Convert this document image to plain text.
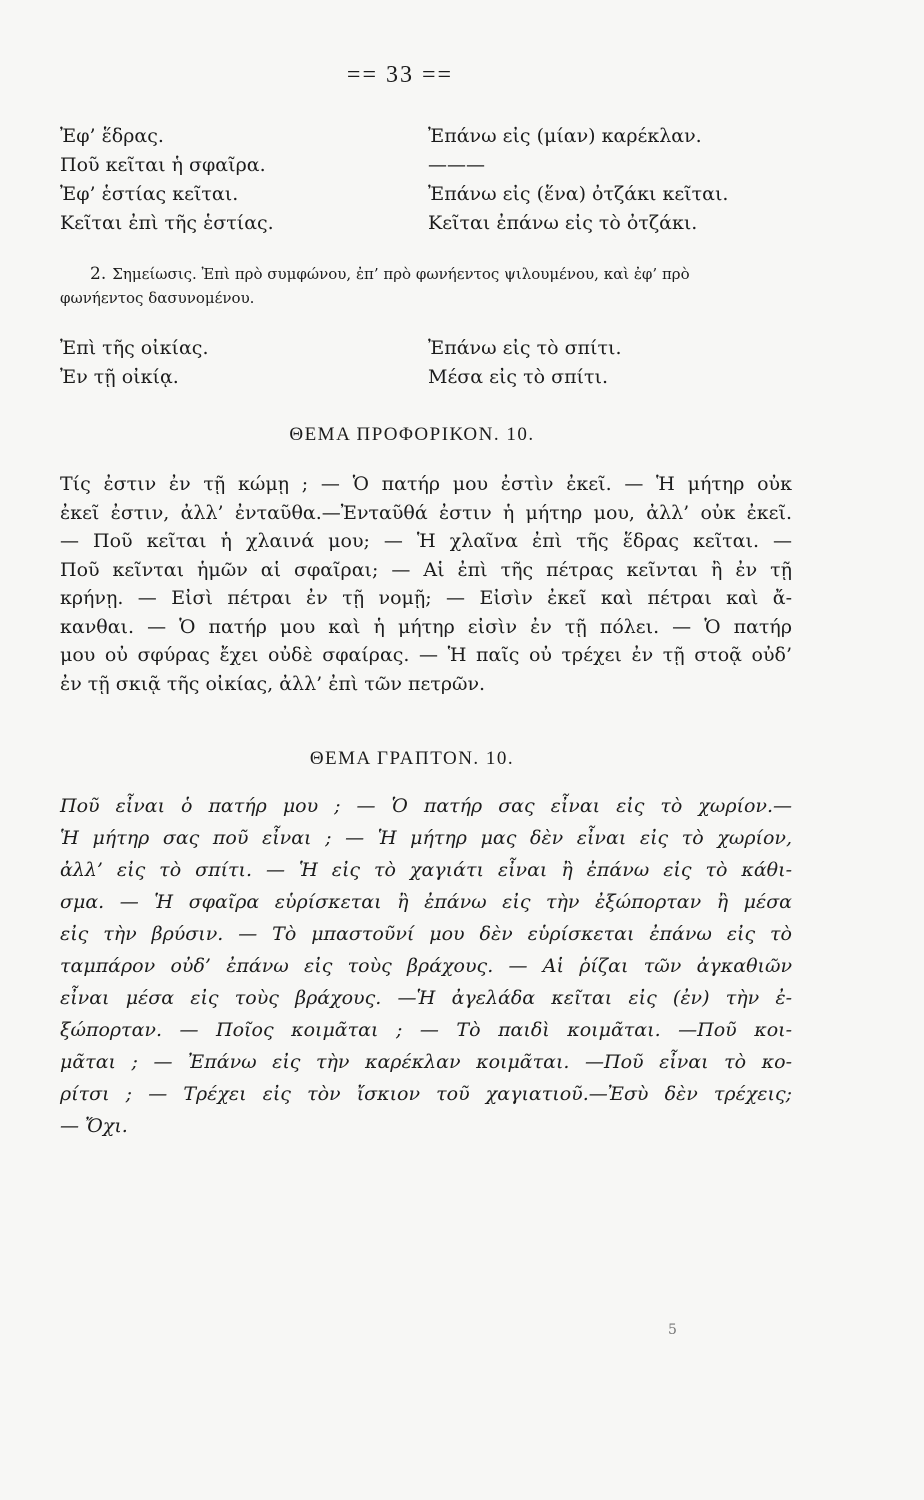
== 33 ==
Ἐφ’ ἕδρας.	Ἐπάνω εἰς (μίαν) καρέκλαν.
Ποῦ κεῖται ἡ σφαῖρα.	———
Ἐφ’ ἑστίας κεῖται.	Ἐπάνω εἰς (ἕνα) ὀτζάκι κεῖται.
Κεῖται ἐπὶ τῆς ἑστίας.	Κεῖται ἐπάνω εἰς τὸ ὀτζάκι.
2. Σημείωσις. Ἐπὶ πρὸ συμφώνου, ἐπ’ πρὸ φωνήεντος ψιλουμένου, καὶ ἐφ’ πρὸ
φωνήεντος δασυνομένου.
Ἐπὶ τῆς οἰκίας.	Ἐπάνω εἰς τὸ σπίτι.
Ἐν τῇ οἰκίᾳ.	Μέσα εἰς τὸ σπίτι.
ΘΕΜΑ ΠΡΟΦΟΡΙΚΟΝ. 10.
Τίς ἐστιν ἐν τῇ κώμῃ ; — Ὁ πατήρ μου ἐστὶν ἐκεῖ. — Ἡ μήτηρ οὐκ
ἐκεῖ ἐστιν, ἀλλ’ ἐνταῦθα.—Ἐνταῦθά ἐστιν ἡ μήτηρ μου, ἀλλ’ οὐκ ἐκεῖ.
— Ποῦ κεῖται ἡ χλαινά μου; — Ἡ χλαῖνα ἐπὶ τῆς ἕδρας κεῖται. —
Ποῦ κεῖνται ἡμῶν αἱ σφαῖραι; — Αἱ ἐπὶ τῆς πέτρας κεῖνται ἢ ἐν τῇ
κρήνῃ. — Εἰσὶ πέτραι ἐν τῇ νομῇ; — Εἰσὶν ἐκεῖ καὶ πέτραι καὶ ἄ-
κανθαι. — Ὁ πατήρ μου καὶ ἡ μήτηρ εἰσὶν ἐν τῇ πόλει. — Ὁ πατήρ
μου οὐ σφύρας ἔχει οὐδὲ σφαίρας. — Ἡ παῖς οὐ τρέχει ἐν τῇ στοᾷ οὐδ’
ἐν τῇ σκιᾷ τῆς οἰκίας, ἀλλ’ ἐπὶ τῶν πετρῶν.
ΘΕΜΑ ΓΡΑΠΤΟΝ. 10.
Ποῦ εἶναι ὁ πατήρ μου ; — Ὁ πατήρ σας εἶναι εἰς τὸ χωρίον.—
Ἡ μήτηρ σας ποῦ εἶναι ; — Ἡ μήτηρ μας δὲν εἶναι εἰς τὸ χωρίον,
ἀλλ’ εἰς τὸ σπίτι. — Ἡ εἰς τὸ χαγιάτι εἶναι ἢ ἐπάνω εἰς τὸ κάθι-
σμα. — Ἡ σφαῖρα εὑρίσκεται ἢ ἐπάνω εἰς τὴν ἐξώπορταν ἢ μέσα
εἰς τὴν βρύσιν. — Τὸ μπαστοῦνί μου δὲν εὑρίσκεται ἐπάνω εἰς τὸ
ταμπάρον οὐδ’ ἐπάνω εἰς τοὺς βράχους. — Αἱ ῥίζαι τῶν ἀγκαθιῶν
εἶναι μέσα εἰς τοὺς βράχους. —Ἡ ἀγελάδα κεῖται εἰς (ἐν) τὴν ἐ-
ξώπορταν. — Ποῖος κοιμᾶται ; — Τὸ παιδὶ κοιμᾶται. —Ποῦ κοι-
μᾶται ; — Ἐπάνω εἰς τὴν καρέκλαν κοιμᾶται. —Ποῦ εἶναι τὸ κο-
ρίτσι ; — Τρέχει εἰς τὸν ἴσκιον τοῦ χαγιατιοῦ.—Ἐσὺ δὲν τρέχεις;
— Ὄχι.
5
